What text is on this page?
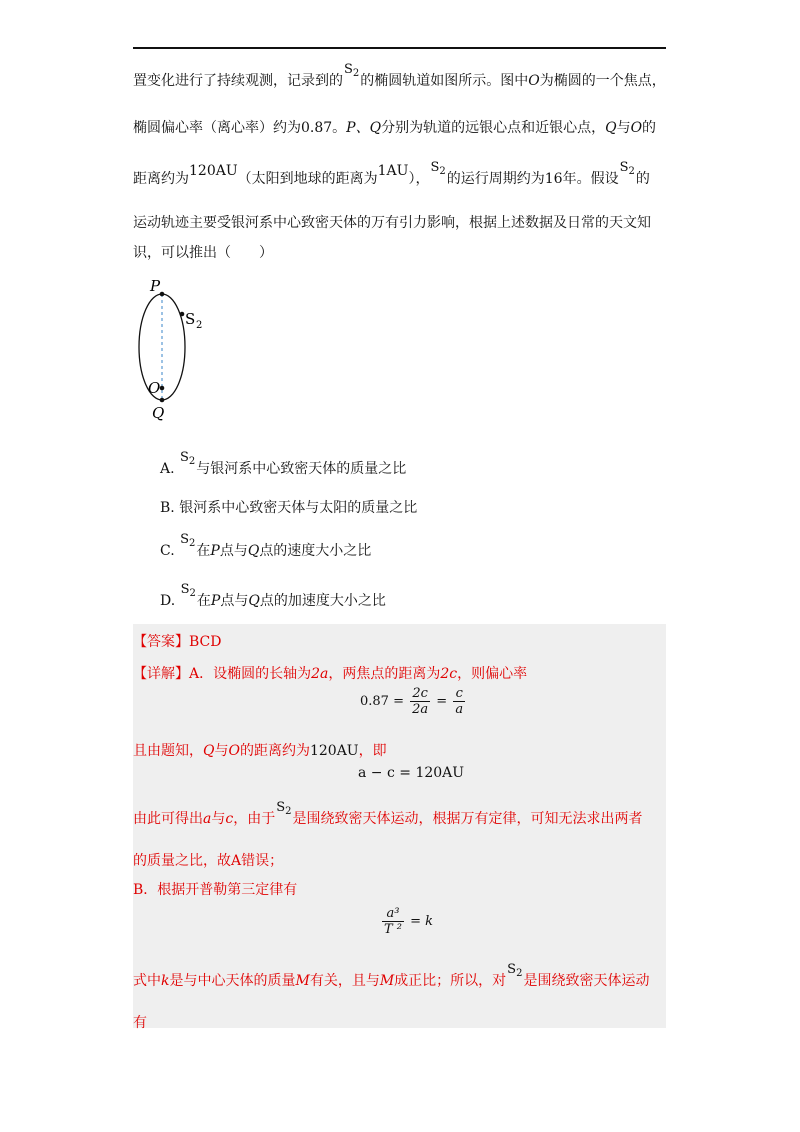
置变化进行了持续观测，记录到的$S_2$的椭圆轨道如图所示。图中O为椭圆的一个焦点，
椭圆偏心率（离心率）约为0.87。P、Q分别为轨道的远银心点和近银心点，Q与O的
距离约为120AU（太阳到地球的距离为1AU），$S_2$的运行周期约为16年。假设$S_2$的
运动轨迹主要受银河系中心致密天体的万有引力影响，根据上述数据及日常的天文知
识，可以推出（　　）
P
O
Q
S 2
A. $S_2$与银河系中心致密天体的质量之比
B. 银河系中心致密天体与太阳的质量之比
C. $S_2$在P点与Q点的速度大小之比
D. $S_2$在P点与Q点的加速度大小之比
【答案】BCD
【详解】A．设椭圆的长轴为2a，两焦点的距离为2c，则偏心率
$0.87 = \frac{2c}{2a} = \frac{c}{a}$
且由题知，Q与O的距离约为120AU，即
a − c = 120AU
由此可得出a与c，由于$S_2$是围绕致密天体运动，根据万有定律，可知无法求出两者
的质量之比，故A错误；
B．根据开普勒第三定律有
$\frac{\text{a³}}{\text{T ²}} = k$
式中k是与中心天体的质量M有关，且与M成正比；所以，对$S_2$是围绕致密天体运动
有
